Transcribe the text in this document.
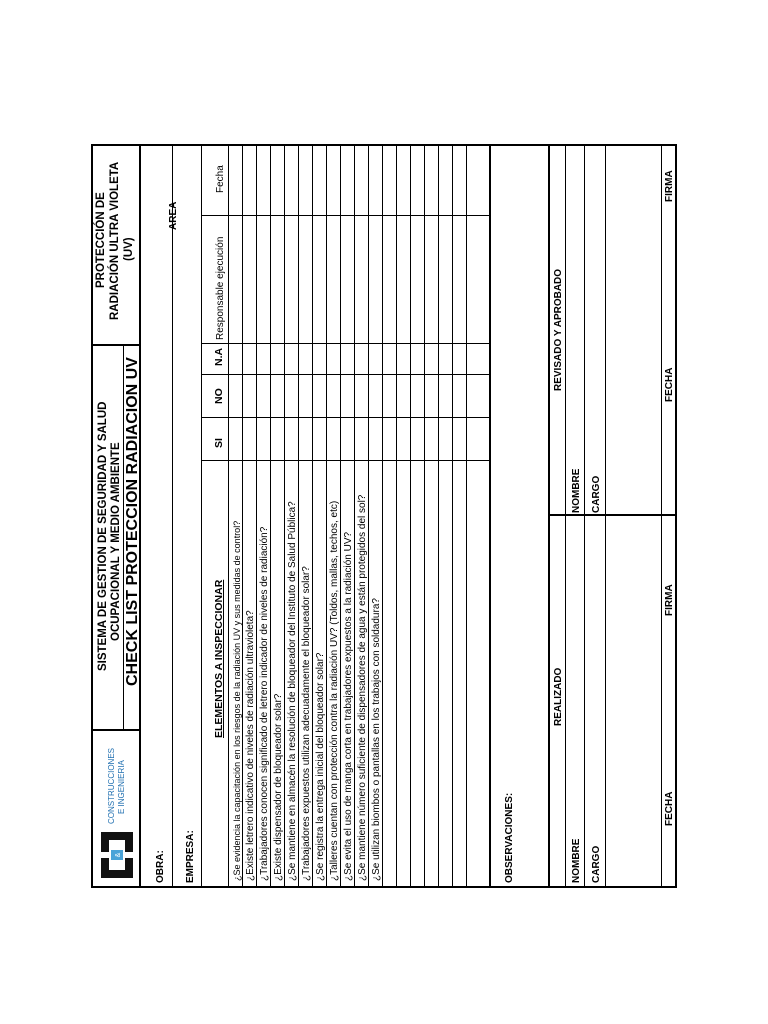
&
CONSTRUCCIONES E INGENIERIA
SISTEMA DE GESTION DE SEGURIDAD Y SALUD OCUPACIONAL Y MEDIO AMBIENTE CHECK LIST PROTECCION RADIACION UV
PROTECCIÓN DE RADIACIÓN ULTRA VIOLETA (UV)
OBRA:
AREA
EMPRESA:
ELEMENTOS A INSPECCIONAR
SI
NO
N.A
Responsable ejecución
Fecha
¿Se evidencia la capacitación en los riesgos de la radiación UV y sus medidas de control? ¿Existe letrero indicativo de niveles de radiación ultravioleta? ¿Trabajadores conocen significado de letrero indicador de niveles de radiación? ¿Existe dispensador de bloqueador solar? ¿Se mantiene en almacén la resolución de bloqueador del Instituto de Salud Pública? ¿Trabajadores expuestos utilizan adecuadamente el bloqueador solar? ¿Se registra la entrega inicial del bloqueador solar? ¿Talleres cuentan con protección contra la radiación UV? (Toldos, mallas, techos, etc) ¿Se evita el uso de manga corta en trabajadores expuestos a la radiación UV? ¿Se mantiene número suficiente de dispensadores de agua y están protegidos del sol? ¿Se utilizan biombos o pantallas en los trabajos con soldadura?	OBSERVACIONES:
REALIZADO
REVISADO Y APROBADO
NOMBRE
NOMBRE
CARGO
CARGO
FECHA
FIRMA
FECHA
FIRMA
